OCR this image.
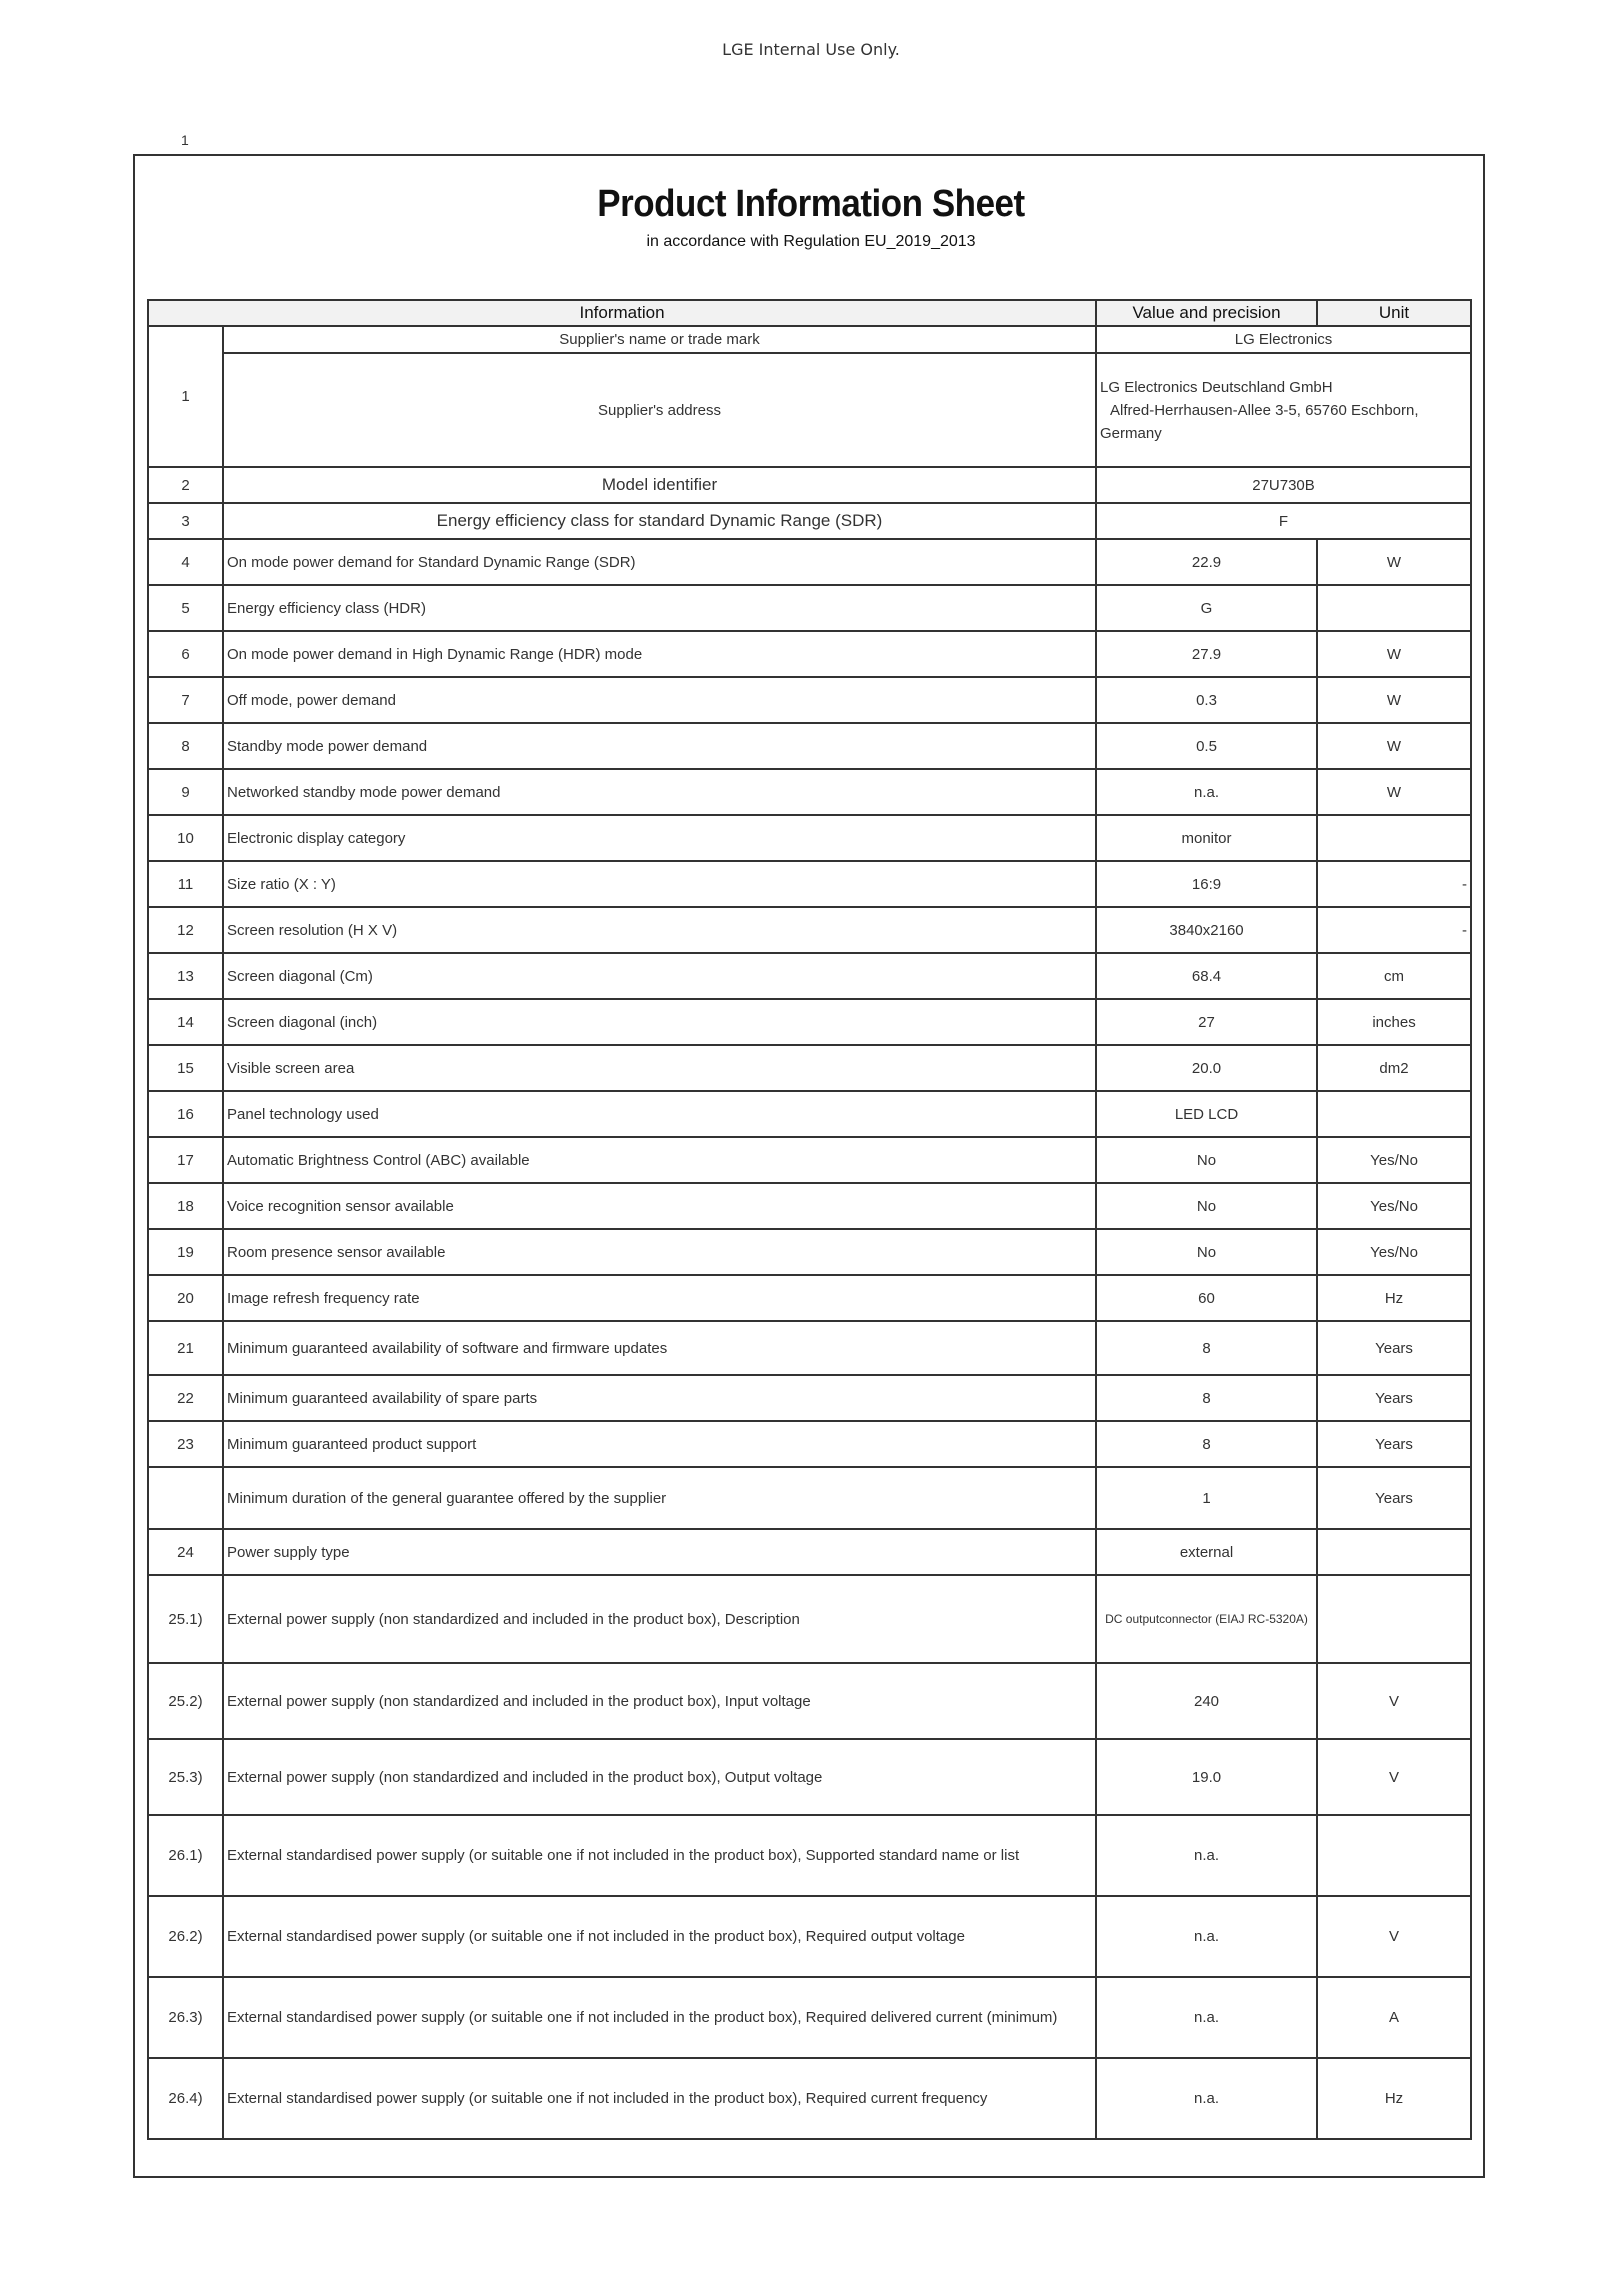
LGE Internal Use Only.
1
Product Information Sheet
in accordance with Regulation EU_2019_2013
Information		Value and precision	Unit
1	Supplier's name or trade mark	LG Electronics	
	Supplier's address	LG Electronics Deutschland GmbH
Alfred-Herrhausen-Allee 3-5, 65760 Eschborn,
Germany	

2	Model identifier	27U730B	
3	Energy efficiency class for standard Dynamic Range (SDR)	F	
4	On mode power demand for Standard Dynamic Range (SDR)	22.9	W
5	Energy efficiency class (HDR)	G	
6	On mode power demand in High Dynamic Range (HDR) mode	27.9	W
7	Off mode, power demand	0.3	W
8	Standby mode power demand	0.5	W
9	Networked standby mode power demand	n.a.	W
10	Electronic display category	monitor	
11	Size ratio (X : Y)	16:9	-
12	Screen resolution (H X V)	3840x2160	-
13	Screen diagonal (Cm)	68.4	cm
14	Screen diagonal (inch)	27	inches
15	Visible screen area	20.0	dm2
16	Panel technology used	LED LCD	
17	Automatic Brightness Control (ABC) available	No	Yes/No
18	Voice recognition sensor available	No	Yes/No
19	Room presence sensor available	No	Yes/No
20	Image refresh frequency rate	60	Hz
21	Minimum guaranteed availability of software and firmware updates	8	Years
22	Minimum guaranteed availability of spare parts	8	Years
23	Minimum guaranteed product support	8	Years
	Minimum duration of the general guarantee offered by the supplier	1	Years
24	Power supply type	external	
25.1)	External power supply (non standardized and included in the product box), Description	DC outputconnector (EIAJ RC-5320A)	
25.2)	External power supply (non standardized and included in the product box), Input voltage	240	V
25.3)	External power supply (non standardized and included in the product box), Output voltage	19.0	V
26.1)	External standardised power supply (or suitable one if not included in the product box), Supported standard name or list	n.a.	
26.2)	External standardised power supply (or suitable one if not included in the product box), Required output voltage	n.a.	V
26.3)	External standardised power supply (or suitable one if not included in the product box), Required delivered current (minimum)	n.a.	A
26.4)	External standardised power supply (or suitable one if not included in the product box), Required current frequency	n.a.	Hz
